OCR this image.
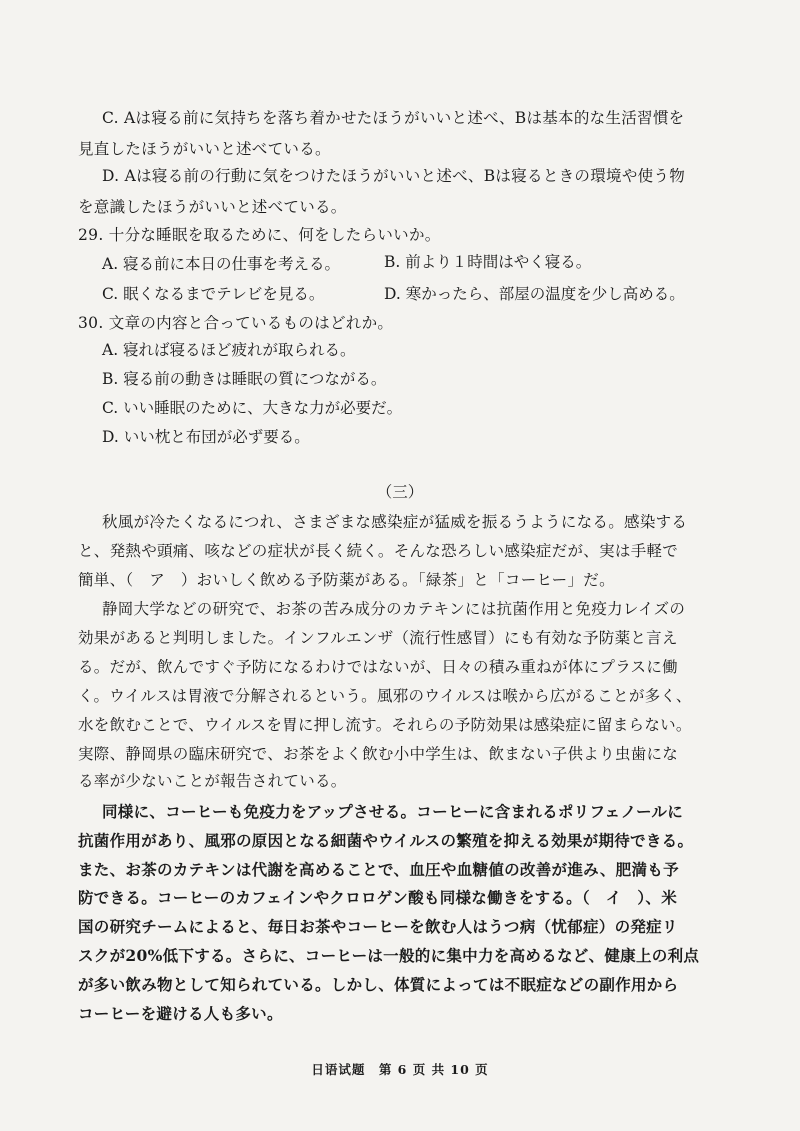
C. Aは寝る前に気持ちを落ち着かせたほうがいいと述べ、Bは基本的な生活習慣を
見直したほうがいいと述べている。
D. Aは寝る前の行動に気をつけたほうがいいと述べ、Bは寝るときの環境や使う物
を意識したほうがいいと述べている。
29. 十分な睡眠を取るために、何をしたらいいか。
A. 寝る前に本日の仕事を考える。	B. 前より１時間はやく寝る。
C. 眠くなるまでテレビを見る。	D. 寒かったら、部屋の温度を少し高める。
30. 文章の内容と合っているものはどれか。
A. 寝れば寝るほど疲れが取られる。
B. 寝る前の動きは睡眠の質につながる。
C. いい睡眠のために、大きな力が必要だ。
D. いい枕と布団が必ず要る。
（三）
秋風が冷たくなるにつれ、さまざまな感染症が猛威を振るうようになる。感染する
と、発熱や頭痛、咳などの症状が長く続く。そんな恐ろしい感染症だが、実は手軽で
簡単、（　ア　）おいしく飲める予防薬がある。「緑茶」と「コーヒー」だ。
静岡大学などの研究で、お茶の苦み成分のカテキンには抗菌作用と免疫力レイズの
効果があると判明しました。インフルエンザ（流行性感冒）にも有効な予防薬と言え
る。だが、飲んですぐ予防になるわけではないが、日々の積み重ねが体にプラスに働
く。ウイルスは胃液で分解されるという。風邪のウイルスは喉から広がることが多く、
水を飲むことで、ウイルスを胃に押し流す。それらの予防効果は感染症に留まらない。
実際、静岡県の臨床研究で、お茶をよく飲む小中学生は、飲まない子供より虫歯にな
る率が少ないことが報告されている。
同様に、コーヒーも免疫力をアップさせる。コーヒーに含まれるポリフェノールに
抗菌作用があり、風邪の原因となる細菌やウイルスの繁殖を抑える効果が期待できる。
また、お茶のカテキンは代謝を高めることで、血圧や血糖値の改善が進み、肥満も予
防できる。コーヒーのカフェインやクロロゲン酸も同様な働きをする。（　イ　）、米
国の研究チームによると、毎日お茶やコーヒーを飲む人はうつ病（忧郁症）の発症リ
スクが20%低下する。さらに、コーヒーは一般的に集中力を高めるなど、健康上の利点
が多い飲み物として知られている。しかし、体質によっては不眠症などの副作用から
コーヒーを避ける人も多い。
日语试题　第 6 页 共 10 页
